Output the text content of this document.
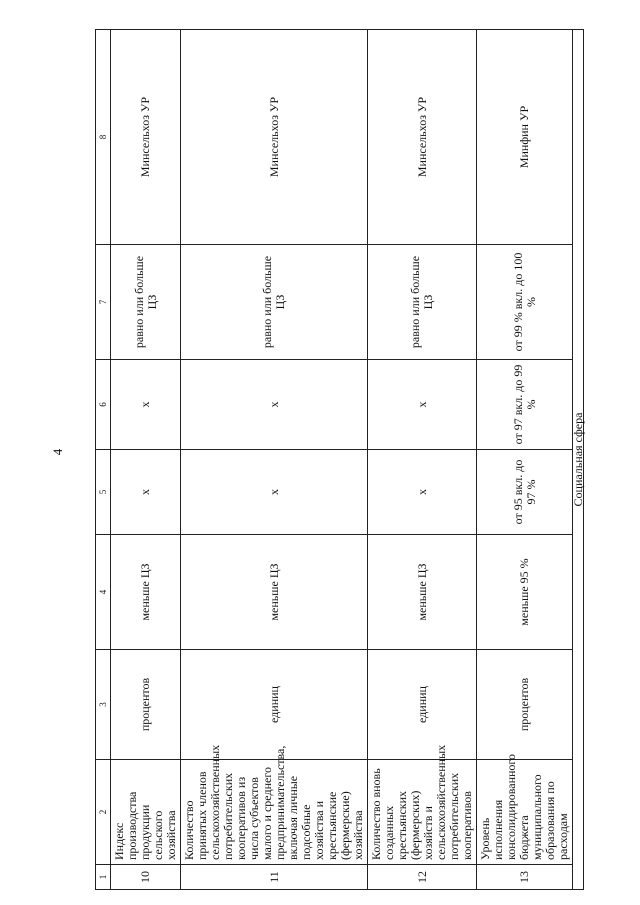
4
1	2	3	4	5	6	7	8
10	Индекс производства продукции сельского хозяйства	процентов	меньше ЦЗ	х	х	равно или больше ЦЗ	Минсельхоз УР
11	Количество принятых членов сельскохозяйственных потребительских кооперативов из числа субъектов малого и среднего предпринимательства, включая личные подсобные хозяйства и крестьянские (фермерские) хозяйства	единиц	меньше ЦЗ	х	х	равно или больше ЦЗ	Минсельхоз УР
12	Количество вновь созданных крестьянских (фермерских) хозяйств и сельскохозяйственных потребительских кооперативов	единиц	меньше ЦЗ	х	х	равно или больше ЦЗ	Минсельхоз УР
13	Уровень исполнения консолидированного бюджета муниципального образования по расходам	процентов	меньше 95 %	от 95 вкл. до 97 %	от 97 вкл. до 99 %	от 99 % вкл. до 100 %	Минфин УР
Социальная сфера							
